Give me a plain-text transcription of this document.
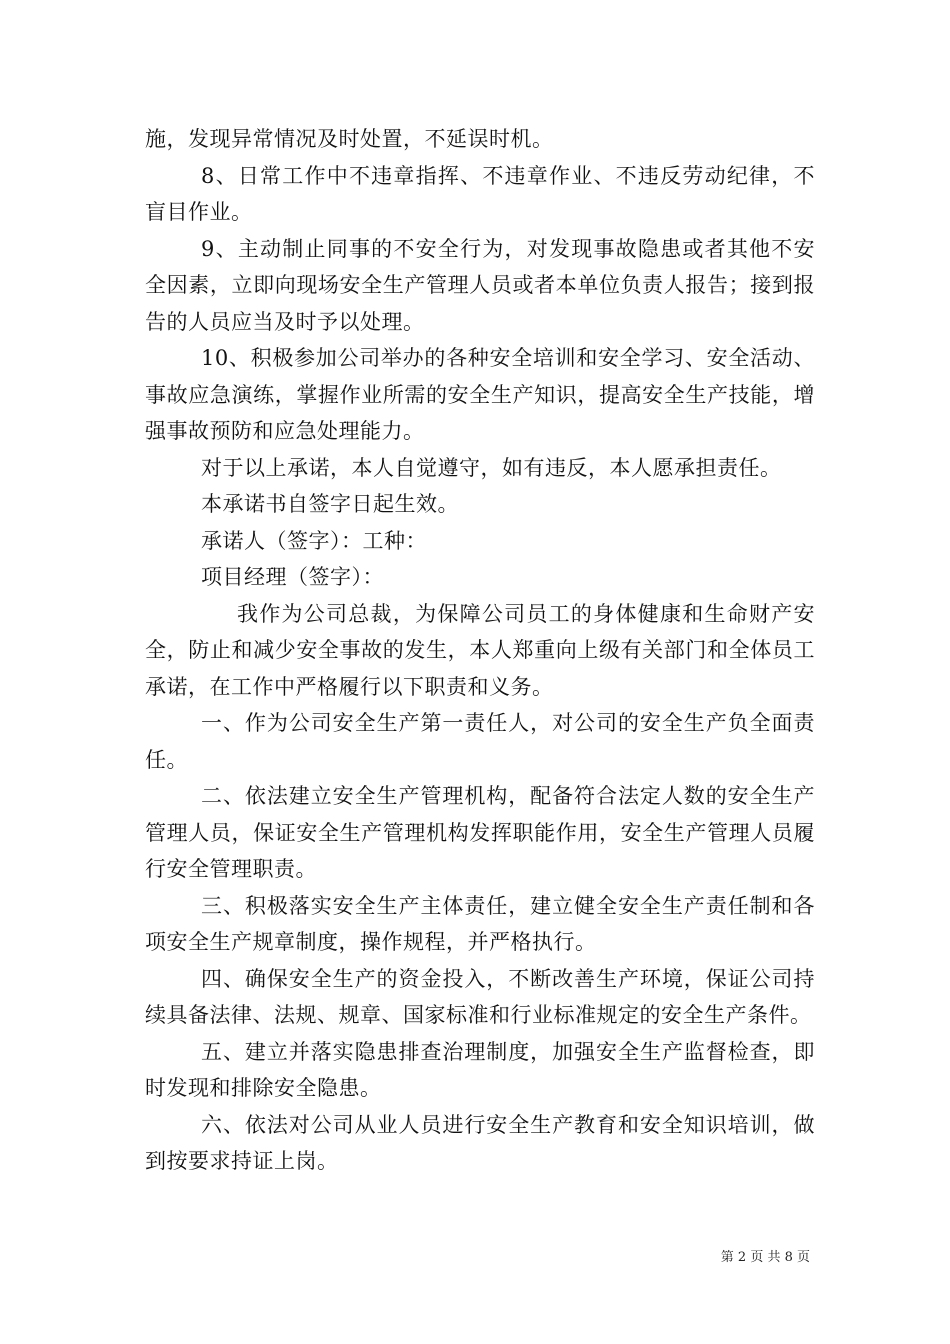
施，发现异常情况及时处置，不延误时机。

8、日常工作中不违章指挥、不违章作业、不违反劳动纪律，不盲目作业。

9、主动制止同事的不安全行为，对发现事故隐患或者其他不安全因素，立即向现场安全生产管理人员或者本单位负责人报告；接到报告的人员应当及时予以处理。

10、积极参加公司举办的各种安全培训和安全学习、安全活动、事故应急演练，掌握作业所需的安全生产知识，提高安全生产技能，增强事故预防和应急处理能力。

对于以上承诺，本人自觉遵守，如有违反，本人愿承担责任。

本承诺书自签字日起生效。

承诺人（签字）：工种：

项目经理（签字）：

我作为公司总裁，为保障公司员工的身体健康和生命财产安全，防止和减少安全事故的发生，本人郑重向上级有关部门和全体员工承诺，在工作中严格履行以下职责和义务。

一、作为公司安全生产第一责任人，对公司的安全生产负全面责任。

二、依法建立安全生产管理机构，配备符合法定人数的安全生产管理人员，保证安全生产管理机构发挥职能作用，安全生产管理人员履行安全管理职责。

三、积极落实安全生产主体责任，建立健全安全生产责任制和各项安全生产规章制度，操作规程，并严格执行。

四、确保安全生产的资金投入，不断改善生产环境，保证公司持续具备法律、法规、规章、国家标准和行业标准规定的安全生产条件。

五、建立并落实隐患排查治理制度，加强安全生产监督检查，即时发现和排除安全隐患。

六、依法对公司从业人员进行安全生产教育和安全知识培训，做到按要求持证上岗。

第 2 页 共 8 页
